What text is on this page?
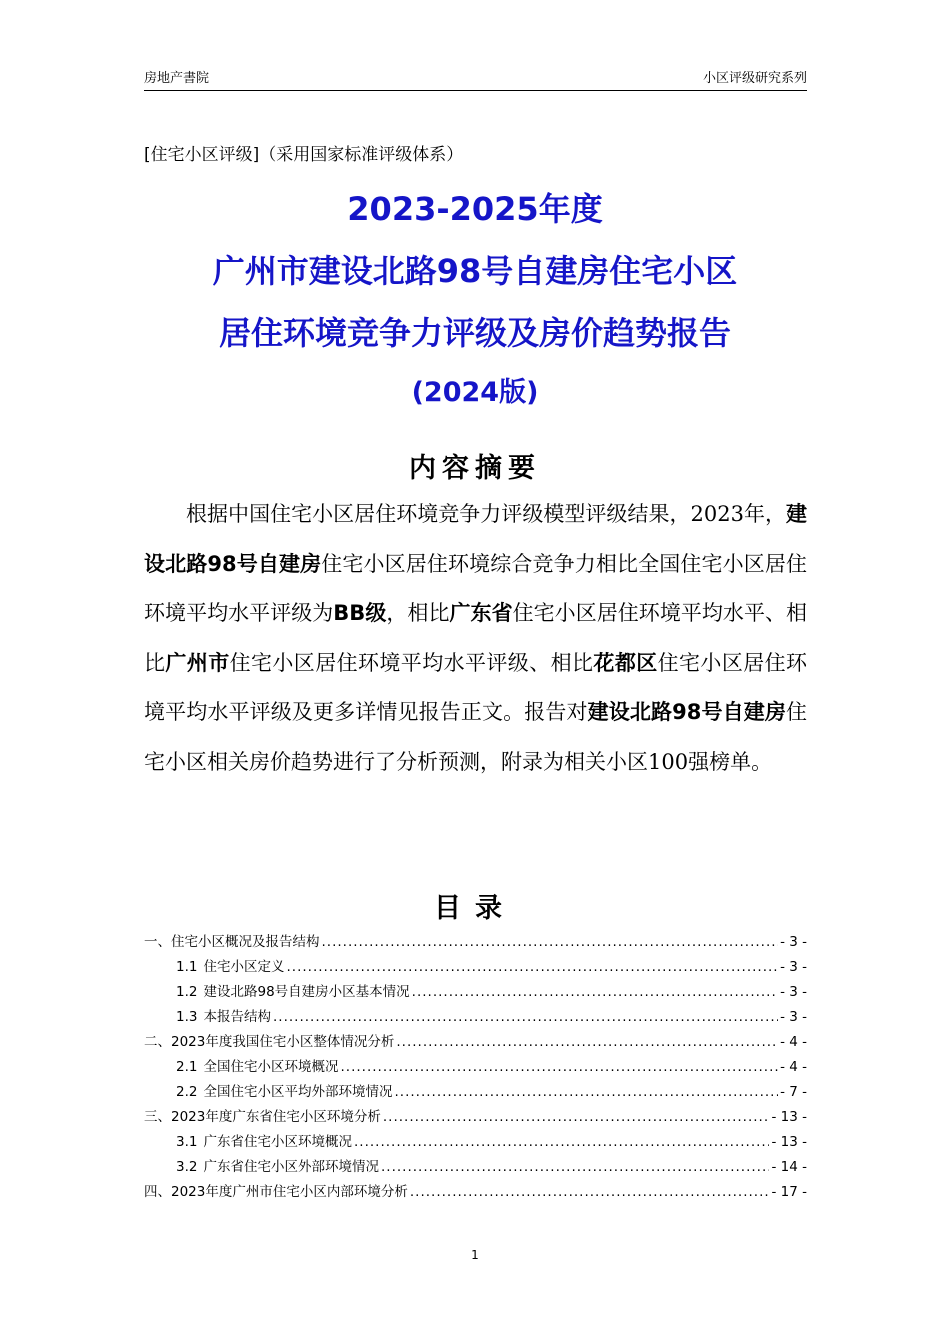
房地产書院	小区评级研究系列
[住宅小区评级]（采用国家标准评级体系）
2023-2025年度
广州市建设北路98号自建房住宅小区
居住环境竞争力评级及房价趋势报告
(2024版)
内容摘要
根据中国住宅小区居住环境竞争力评级模型评级结果，2023年，建设北路98号自建房住宅小区居住环境综合竞争力相比全国住宅小区居住环境平均水平评级为BB级，相比广东省住宅小区居住环境平均水平、相比广州市住宅小区居住环境平均水平评级、相比花都区住宅小区居住环境平均水平评级及更多详情见报告正文。报告对建设北路98号自建房住宅小区相关房价趋势进行了分析预测，附录为相关小区100强榜单。
目录
一、 住宅小区概况及报告结构 .....	- 3 -
1.1 住宅小区定义 .....	- 3 -
1.2 建设北路98号自建房小区基本情况 .....	- 3 -
1.3 本报告结构 .....	- 3 -
二、 2023年度我国住宅小区整体情况分析 .....	- 4 -
2.1 全国住宅小区环境概况 .....	- 4 -
2.2 全国住宅小区平均外部环境情况 .....	- 7 -
三、 2023年度广东省住宅小区环境分析 .....	- 13 -
3.1 广东省住宅小区环境概况 .....	- 13 -
3.2 广东省住宅小区外部环境情况 .....	- 14 -
四、 2023年度广州市住宅小区内部环境分析 .....	- 17 -
1
